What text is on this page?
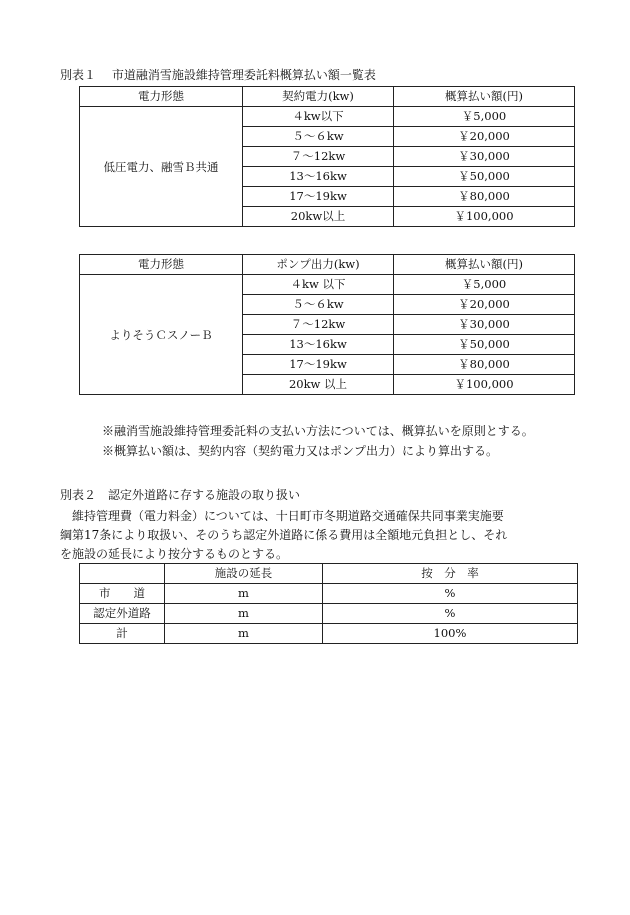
別表１　 市道融消雪施設維持管理委託料概算払い額一覧表
電力形態	契約電力(kw)	概算払い額(円)
低圧電力、融雪Ｂ共通	４kw以下	￥5,000
	５～６kw	￥20,000
	７～12kw	￥30,000
	13～16kw	￥50,000
	17～19kw	￥80,000
	20kw以上	￥100,000
電力形態	ポンプ出力(kw)	概算払い額(円)
よりそうＣスノーＢ	４kw 以下	￥5,000
	５～６kw	￥20,000
	７～12kw	￥30,000
	13～16kw	￥50,000
	17～19kw	￥80,000
	20kw 以上	￥100,000
※融消雪施設維持管理委託料の支払い方法については、概算払いを原則とする。
※概算払い額は、契約内容（契約電力又はポンプ出力）により算出する。
別表２　認定外道路に存する施設の取り扱い
　維持管理費（電力料金）については、十日町市冬期道路交通確保共同事業実施要
綱第17条により取扱い、そのうち認定外道路に係る費用は全額地元負担とし、それ
を施設の延長により按分するものとする。
	施設の延長	按　分　率
市　　道	m	%
認定外道路	m	%
計	m	100%
